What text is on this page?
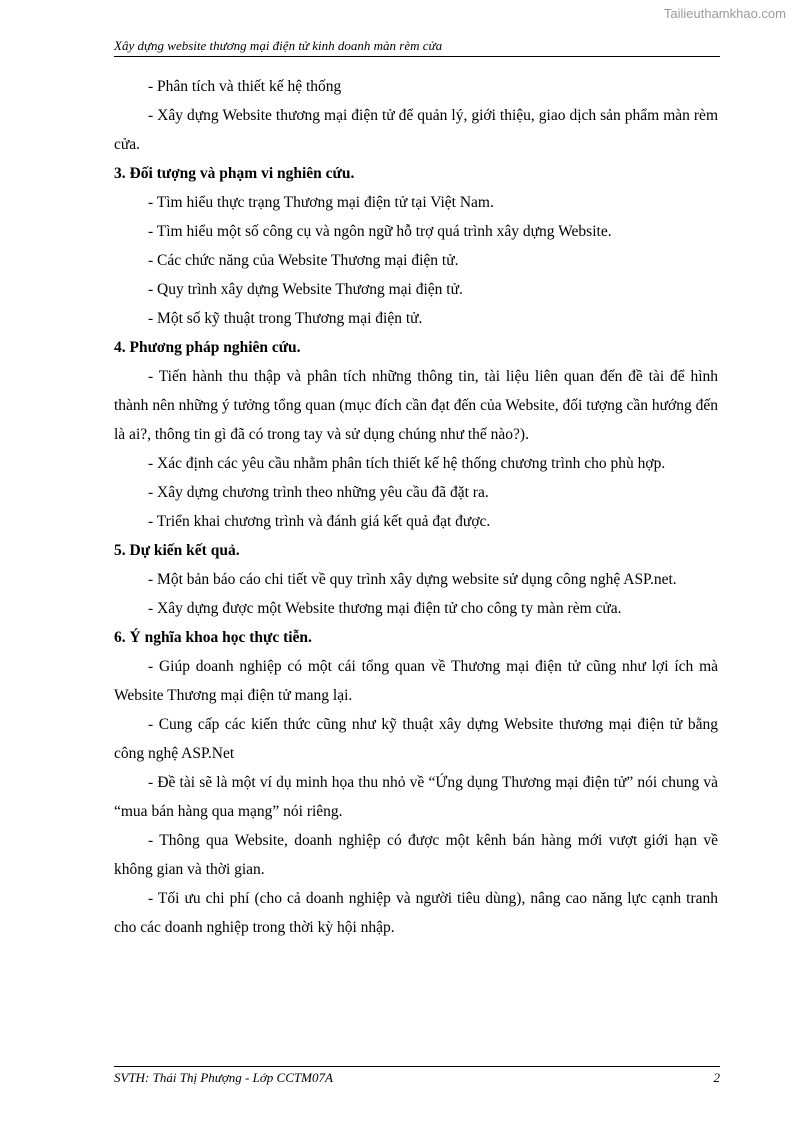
Tailieuthamkhao.com
Xây dựng website thương mại điện tử kinh doanh màn rèm cửa

- Phân tích và thiết kế hệ thống

- Xây dựng Website thương mại điện tử để quản lý, giới thiệu, giao dịch sản phẩm màn rèm cửa.

3. Đối tượng và phạm vi nghiên cứu.

- Tìm hiểu thực trạng Thương mại điện tử tại Việt Nam.

- Tìm hiểu một số công cụ và ngôn ngữ hỗ trợ quá trình xây dựng Website.

- Các chức năng của Website Thương mại điện tử.

- Quy trình xây dựng Website Thương mại điện tử.

- Một số kỹ thuật trong Thương mại điện tử.

4. Phương pháp nghiên cứu.

- Tiến hành thu thập và phân tích những thông tin, tài liệu liên quan đến đề tài để hình thành nên những ý tưởng tổng quan (mục đích cần đạt đến của Website, đối tượng cần hướng đến là ai?, thông tin gì đã có trong tay và sử dụng chúng như thế nào?).

- Xác định các yêu cầu nhằm phân tích thiết kế hệ thống chương trình cho phù hợp.

- Xây dựng chương trình theo những yêu cầu đã đặt ra.

- Triển khai chương trình và đánh giá kết quả đạt được.

5. Dự kiến kết quả.

- Một bản báo cáo chi tiết về quy trình xây dựng website sử dụng công nghệ ASP.net.

- Xây dựng được một Website thương mại điện tử cho công ty màn rèm cửa.

6. Ý nghĩa khoa học thực tiễn.

- Giúp doanh nghiệp có một cái tổng quan về Thương mại điện tử cũng như lợi ích mà Website Thương mại điện tử mang lại.

- Cung cấp các kiến thức cũng như kỹ thuật xây dựng Website thương mại điện tử bằng công nghệ ASP.Net

- Đề tài sẽ là một ví dụ minh họa thu nhỏ về “Ứng dụng Thương mại điện tử” nói chung và “mua bán hàng qua mạng” nói riêng.

- Thông qua Website, doanh nghiệp có được một kênh bán hàng mới vượt giới hạn về không gian và thời gian.

- Tối ưu chi phí (cho cả doanh nghiệp và người tiêu dùng), nâng cao năng lực cạnh tranh cho các doanh nghiệp trong thời kỳ hội nhập.

SVTH: Thái Thị Phượng - Lớp CCTM07A	2
